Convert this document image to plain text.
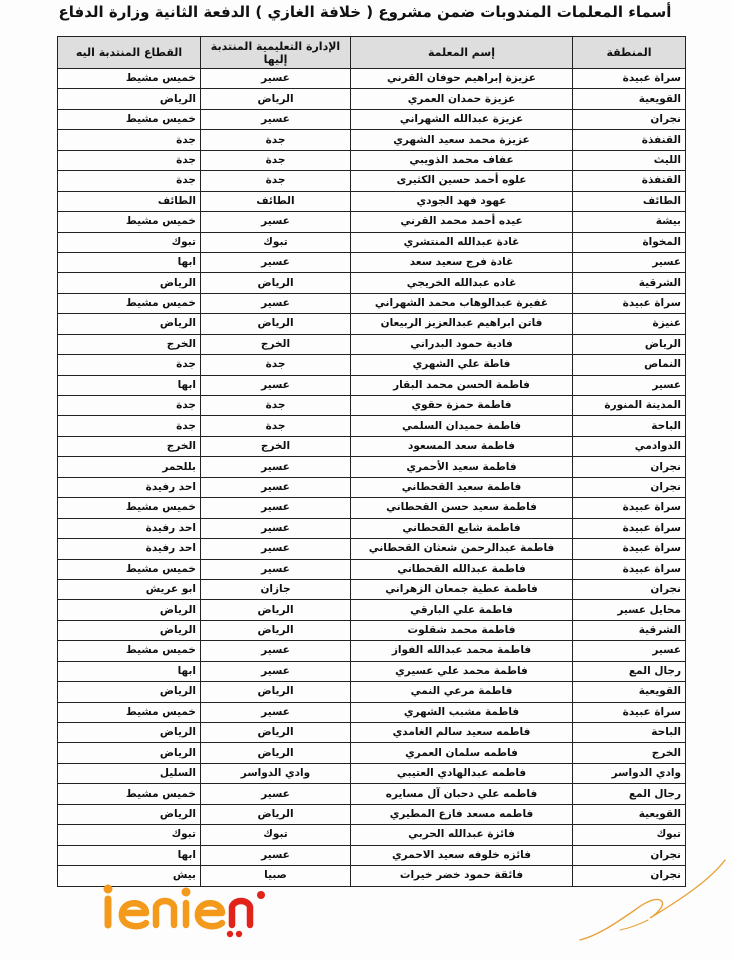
أسماء المعلمات المندوبات ضمن مشروع ( خلافة الغازي ) الدفعة الثانية وزارة الدفاع
المنطقة	إسم المعلمة	الإدارة التعليمية المنتدبة إليها	القطاع المنتدبة اليه
سراة عبيدة	عزيزة إبراهيم حوفان القرني	عسير	خميس مشيط
القويعية	عزيزة حمدان العمري	الرياض	الرياض
نجران	عزيزة عبدالله الشهراني	عسير	خميس مشيط
القنفذة	عزيزة محمد سعيد الشهري	جدة	جدة
الليث	عفاف محمد الذويبي	جدة	جدة
القنفذة	علوه أحمد حسين الكثيرى	جدة	جدة
الطائف	عهود فهد الجودي	الطائف	الطائف
بيشة	عيده أحمد محمد القرني	عسير	خميس مشيط
المخواة	غادة عبدالله المنتشري	تبوك	تبوك
عسير	غادة فرج سعيد سعد	عسير	ابها
الشرقية	غاده عبدالله الخريجي	الرياض	الرياض
سراة عبيدة	غفيرة عبدالوهاب محمد الشهراني	عسير	خميس مشيط
عنيزة	فاتن ابراهيم عبدالعزيز الربيعان	الرياض	الرياض
الرياض	فادية حمود البدراني	الخرج	الخرج
النماص	فاطة علي الشهري	جدة	جدة
عسير	فاطمة الحسن محمد البقار	عسير	ابها
المدينة المنورة	فاطمة حمزة حقوي	جدة	جدة
الباحة	فاطمة حميدان السلمي	جدة	جدة
الدوادمي	فاطمة سعد المسعود	الخرج	الخرج
نجران	فاطمة سعيد الأحمري	عسير	بللحمر
نجران	فاطمة سعيد القحطاني	عسير	احد رفيدة
سراة عبيدة	فاطمة سعيد حسن القحطاني	عسير	خميس مشيط
سراة عبيدة	فاطمة شايع القحطاني	عسير	احد رفيدة
سراة عبيدة	فاطمة عبدالرحمن شعثان القحطاني	عسير	احد رفيدة
سراة عبيدة	فاطمة عبدالله القحطاني	عسير	خميس مشيط
نجران	فاطمة عطية جمعان الزهراني	جازان	ابو عريش
محايل عسير	فاطمة علي البارقي	الرياض	الرياض
الشرقية	فاطمة محمد شقلوت	الرياض	الرياض
عسير	فاطمة محمد عبدالله الفواز	عسير	خميس مشيط
رجال المع	فاطمة محمد علي عسيري	عسير	ابها
القويعية	فاطمة مرعي النمي	الرياض	الرياض
سراة عبيدة	فاطمة مشبب الشهري	عسير	خميس مشيط
الباحة	فاطمه سعيد سالم الغامدي	الرياض	الرياض
الخرج	فاطمه سلمان العمري	الرياض	الرياض
وادي الدواسر	فاطمه عبدالهادي العتيبي	وادي الدواسر	السليل
رجال المع	فاطمه علي دحبان آل مسايره	عسير	خميس مشيط
القويعية	فاطمه مسعد فازع المطيري	الرياض	الرياض
تبوك	فائزة عبدالله الحربي	تبوك	تبوك
نجران	فائزه خلوفه سعيد الاحمري	عسير	ابها
نجران	فائقة حمود خضر خيرات	صبيا	بيش
